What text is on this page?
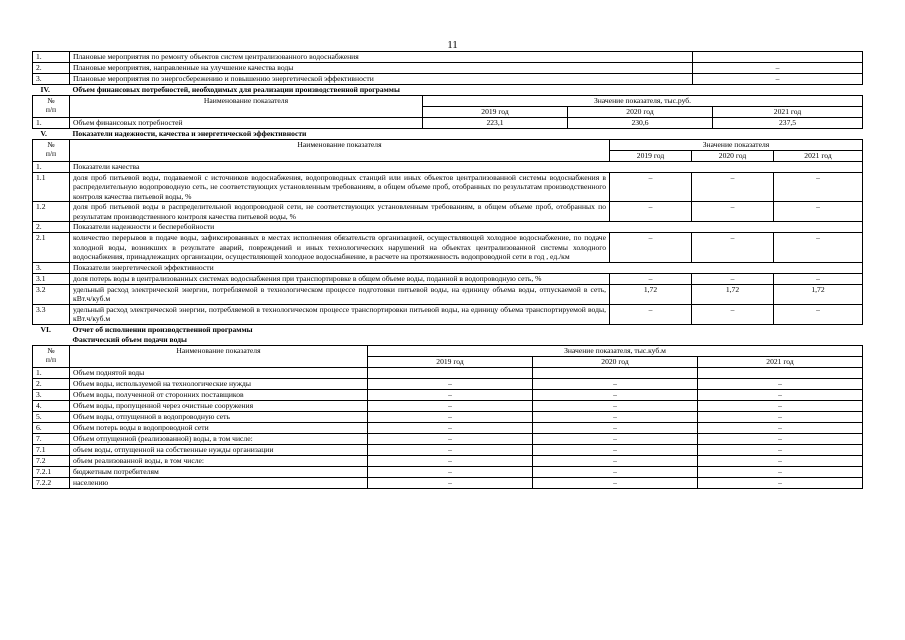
11
1.	Плановые мероприятия по ремонту объектов систем централизованного водоснабжения	
2.	Плановые мероприятия, направленные на улучшение качества воды	–
3.	Плановые мероприятия по энергосбережению и повышению энергетической эффективности	–
IV.	Объем финансовых потребностей, необходимых для реализации производственной программы			

№
п/п	Наименование показателя	Значение показателя, тыс.руб.		
		2019 год	2020 год	2021 год
1.	Объем финансовых потребностей	223,1	230,6	237,5
V.	Показатели надежности, качества и энергетической эффективности			

№
п/п	Наименование показателя	Значение показателя		
		2019 год	2020 год	2021 год
1.	Показатели качества			
1.1	доля проб питьевой воды, подаваемой с источников водоснабжения, водопроводных станций или иных объектов централизованной системы водоснабжения в распределительную водопроводную сеть, не соответствующих установленным требованиям, в общем объеме проб, отобранных по результатам производственного контроля качества питьевой воды, %	–	–	–
1.2	доля проб питьевой воды в распределительной водопроводной сети, не соответствующих установленным требованиям, в общем объеме проб, отобранных по результатам производственного контроля качества питьевой воды, %	–	–	–
2.	Показатели надежности и бесперебойности			
2.1	количество перерывов в подаче воды, зафиксированных в местах исполнения обязательств организацией, осуществляющей холодное водоснабжение, по подаче холодной воды, возникших в результате аварий, повреждений и иных технологических нарушений на объектах централизованной системы холодного водоснабжения, принадлежащих организации, осуществляющей холодное водоснабжение, в расчете на протяженность водопроводной сети в год , ед./км	–	–	–
3.	Показатели энергетической эффективности			
3.1	доля потерь воды в централизованных системах водоснабжения при транспортировке в общем объеме воды, поданной в водопроводную сеть, %	–	–	–
3.2	удельный расход электрической энергии, потребляемой в технологическом процессе подготовки питьевой воды, на единицу объема воды, отпускаемой в сеть, кВт.ч/куб.м	1,72	1,72	1,72
3.3	удельный расход электрической энергии, потребляемой в технологическом процессе транспортировки питьевой воды, на единицу объема транспортируемой воды, кВт.ч/куб.м	–	–	–
VI.	Отчет об исполнении производственной программы			
	Фактический объем подачи воды			

№
п/п	Наименование показателя	Значение показателя, тыс.куб.м		
		2019 год	2020 год	2021 год
1.	Объем поднятой воды			
2.	Объем воды, используемой на технологические нужды	–	–	–
3.	Объем воды, полученной от сторонних поставщиков	–	–	–
4.	Объем воды, пропущенной через очистные сооружения	–	–	–
5.	Объем воды, отпущенной в водопроводную сеть	–	–	–
6.	Объем потерь воды в водопроводной сети	–	–	–
7.	Объем отпущенной (реализованной) воды, в том числе:	–	–	–
7.1	объем воды, отпущенной на собственные нужды организации	–	–	–
7.2	объем реализованной воды, в том числе:	–	–	–
7.2.1	бюджетным потребителям	–	–	–
7.2.2	населению	–	–	–
